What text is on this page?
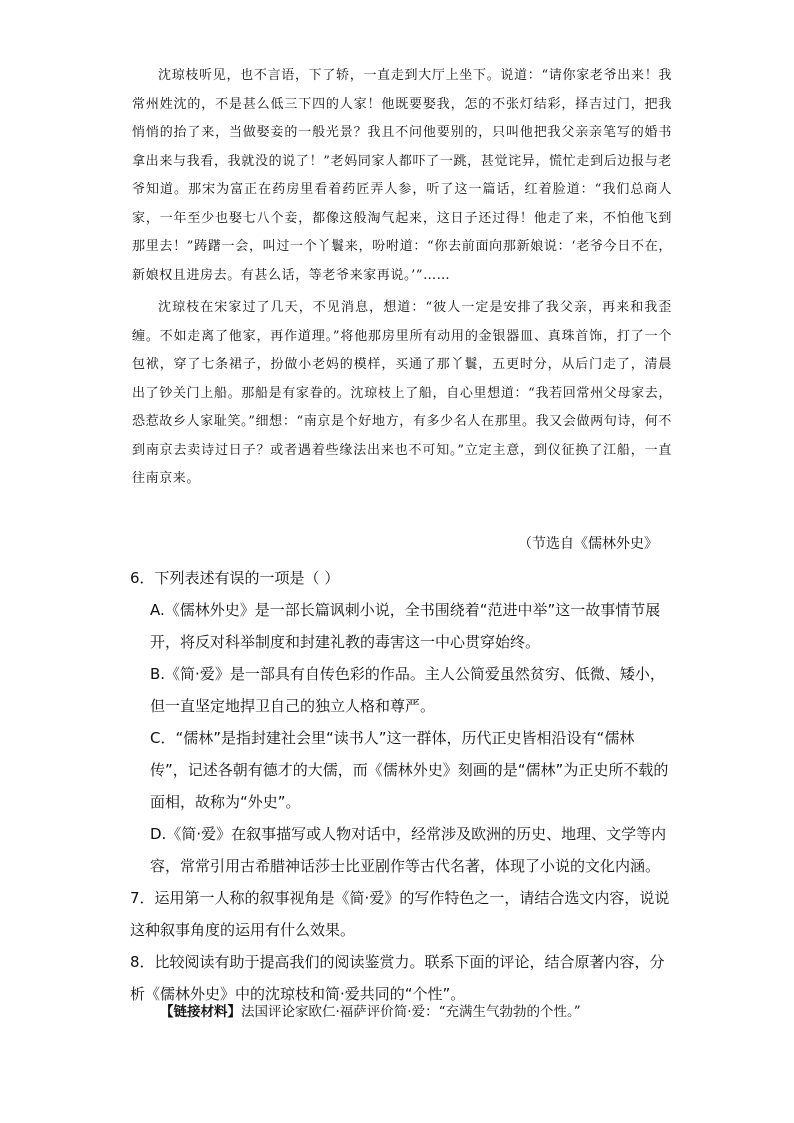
沈琼枝听见，也不言语，下了轿，一直走到大厅上坐下。说道：“请你家老爷出来！我常州姓沈的，不是甚么低三下四的人家！他既要娶我，怎的不张灯结彩，择吉过门，把我悄悄的抬了来，当做娶妾的一般光景？我且不问他要别的，只叫他把我父亲亲笔写的婚书拿出来与我看，我就没的说了！”老妈同家人都吓了一跳，甚觉诧异，慌忙走到后边报与老爷知道。那宋为富正在药房里看着药匠弄人参，听了这一篇话，红着脸道：“我们总商人家，一年至少也娶七八个妾，都像这般淘气起来，这日子还过得！他走了来，不怕他飞到那里去！”踌躇一会，叫过一个丫鬟来，吩咐道：“你去前面向那新娘说：‘老爷今日不在，新娘权且进房去。有甚么话，等老爷来家再说。’”……

沈琼枝在宋家过了几天，不见消息，想道：“彼人一定是安排了我父亲，再来和我歪缠。不如走离了他家，再作道理。”将他那房里所有动用的金银器皿、真珠首饰，打了一个包袱，穿了七条裙子，扮做小老妈的模样，买通了那丫鬟，五更时分，从后门走了，清晨出了钞关门上船。那船是有家眷的。沈琼枝上了船，自心里想道：“我若回常州父母家去，恐惹故乡人家耻笑。”细想：“南京是个好地方，有多少名人在那里。我又会做两句诗，何不到南京去卖诗过日子？或者遇着些缘法出来也不可知。”立定主意，到仪征换了江船，一直往南京来。

（节选自《儒林外史》

6．下列表述有误的一项是（ ）

A.《儒林外史》是一部长篇讽刺小说，全书围绕着“范进中举”这一故事情节展开，将反对科举制度和封建礼教的毒害这一中心贯穿始终。

B.《简·爱》是一部具有自传色彩的作品。主人公简爱虽然贫穷、低微、矮小，但一直坚定地捍卫自己的独立人格和尊严。

C．“儒林”是指封建社会里“读书人”这一群体，历代正史皆相沿设有“儒林传”，记述各朝有德才的大儒，而《儒林外史》刻画的是“儒林”为正史所不载的面相，故称为“外史”。

D.《简·爱》在叙事描写或人物对话中，经常涉及欧洲的历史、地理、文学等内容，常常引用古希腊神话莎士比亚剧作等古代名著，体现了小说的文化内涵。

7．运用第一人称的叙事视角是《简·爱》的写作特色之一，请结合选文内容，说说这种叙事角度的运用有什么效果。

8．比较阅读有助于提高我们的阅读鉴赏力。联系下面的评论，结合原著内容，分析《儒林外史》中的沈琼枝和简·爱共同的“个性”。

【链接材料】法国评论家欧仁·福萨评价简·爱：“充满生气勃勃的个性。”
